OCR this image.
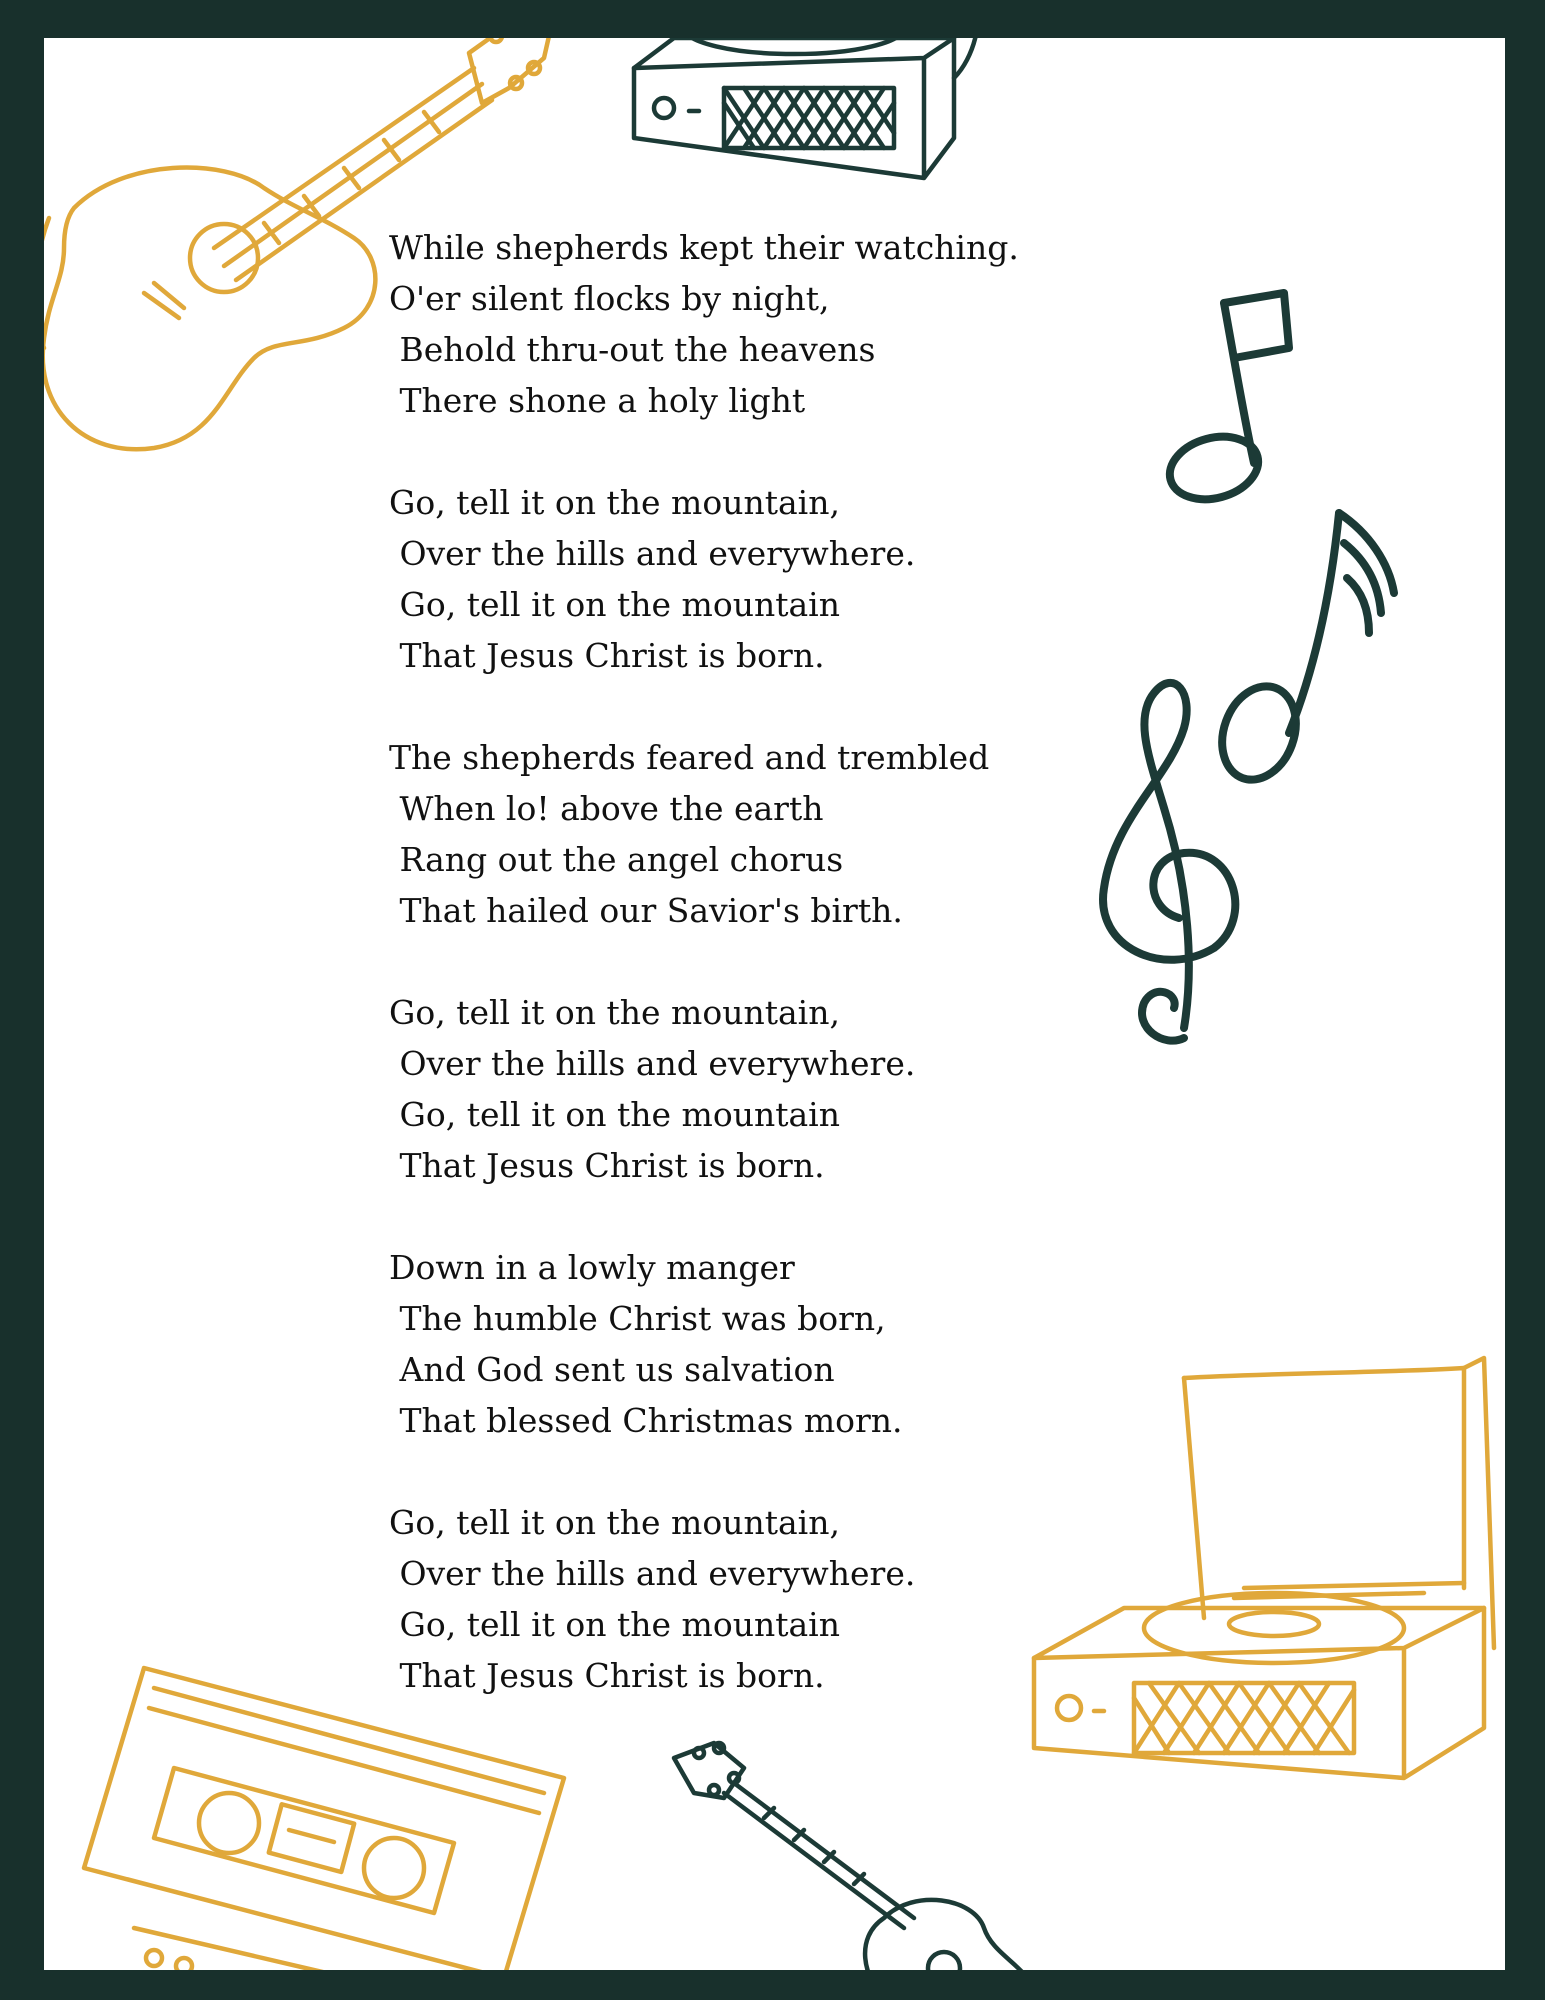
While shepherds kept their watching.
O'er silent flocks by night,
Behold thru-out the heavens
There shone a holy light
Go, tell it on the mountain,
Over the hills and everywhere.
Go, tell it on the mountain
That Jesus Christ is born.
The shepherds feared and trembled
When lo! above the earth
Rang out the angel chorus
That hailed our Savior's birth.
Go, tell it on the mountain,
Over the hills and everywhere.
Go, tell it on the mountain
That Jesus Christ is born.
Down in a lowly manger
The humble Christ was born,
And God sent us salvation
That blessed Christmas morn.
Go, tell it on the mountain,
Over the hills and everywhere.
Go, tell it on the mountain
That Jesus Christ is born.
